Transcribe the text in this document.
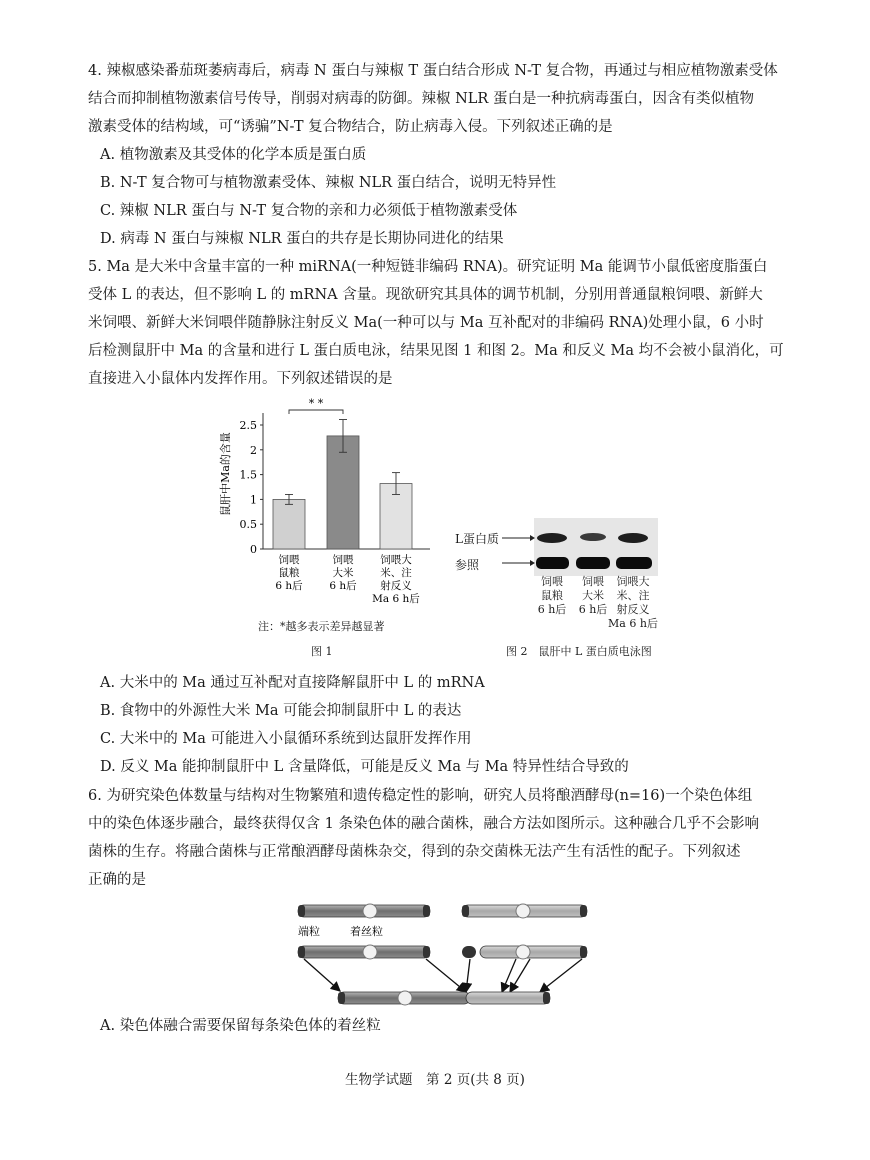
4. 辣椒感染番茄斑萎病毒后，病毒 N 蛋白与辣椒 T 蛋白结合形成 N-T 复合物，再通过与相应植物激素受体
结合而抑制植物激素信号传导，削弱对病毒的防御。辣椒 NLR 蛋白是一种抗病毒蛋白，因含有类似植物
激素受体的结构域，可“诱骗”N-T 复合物结合，防止病毒入侵。下列叙述正确的是
A. 植物激素及其受体的化学本质是蛋白质
B. N-T 复合物可与植物激素受体、辣椒 NLR 蛋白结合，说明无特异性
C. 辣椒 NLR 蛋白与 N-T 复合物的亲和力必须低于植物激素受体
D. 病毒 N 蛋白与辣椒 NLR 蛋白的共存是长期协同进化的结果
5. Ma 是大米中含量丰富的一种 miRNA(一种短链非编码 RNA)。研究证明 Ma 能调节小鼠低密度脂蛋白
受体 L 的表达，但不影响 L 的 mRNA 含量。现欲研究其具体的调节机制，分别用普通鼠粮饲喂、新鲜大
米饲喂、新鲜大米饲喂伴随静脉注射反义 Ma(一种可以与 Ma 互补配对的非编码 RNA)处理小鼠，6 小时
后检测鼠肝中 Ma 的含量和进行 L 蛋白质电泳，结果见图 1 和图 2。Ma 和反义 Ma 均不会被小鼠消化，可
直接进入小鼠体内发挥作用。下列叙述错误的是
0
0.5
1
1.5
2
2.5
饲喂
鼠粮
6 h后
饲喂
大米
6 h后
饲喂大
米、注
射反义
Ma 6 h后
鼠肝中Ma的含量
* *
注：*越多表示差异越显著
图 1
L蛋白质
参照
饲喂
鼠粮
6 h后
饲喂
大米
6 h后
饲喂大
米、注
射反义
Ma 6 h后
图 2　鼠肝中 L 蛋白质电泳图
A. 大米中的 Ma 通过互补配对直接降解鼠肝中 L 的 mRNA
B. 食物中的外源性大米 Ma 可能会抑制鼠肝中 L 的表达
C. 大米中的 Ma 可能进入小鼠循环系统到达鼠肝发挥作用
D. 反义 Ma 能抑制鼠肝中 L 含量降低，可能是反义 Ma 与 Ma 特异性结合导致的
6. 为研究染色体数量与结构对生物繁殖和遗传稳定性的影响，研究人员将酿酒酵母(n=16)一个染色体组
中的染色体逐步融合，最终获得仅含 1 条染色体的融合菌株，融合方法如图所示。这种融合几乎不会影响
菌株的生存。将融合菌株与正常酿酒酵母菌株杂交，得到的杂交菌株无法产生有活性的配子。下列叙述
正确的是
端粒	着丝粒
A. 染色体融合需要保留每条染色体的着丝粒
生物学试题　第 2 页(共 8 页)
